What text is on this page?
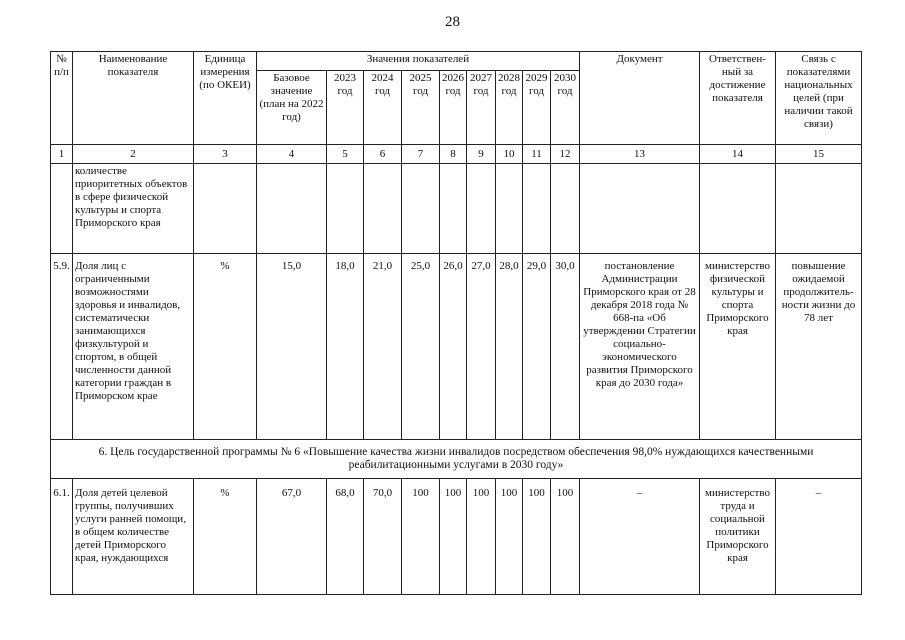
28
№ п/п	Наименование показателя	Единица измерения (по ОКЕИ)	Значения показателей									Документ	Ответствен-ный за достижение показателя	Связь с показателями национальных целей (при наличии такой связи)
			Базовое значение (план на 2022 год)	2023 год	2024 год	2025 год	2026 год	2027 год	2028 год	2029 год	2030 год			
1	2	3	4	5	6	7	8	9	10	11	12	13	14	15
	количестве приоритетных объектов в сфере физической культуры и спорта Приморского края													
5.9.	Доля лиц с ограниченными возможностями здоровья и инвалидов, систематически занимающихся физкультурой и спортом, в общей численности данной категории граждан в Приморском крае	%	15,0	18,0	21,0	25,0	26,0	27,0	28,0	29,0	30,0	постановление Администрации Приморского края от 28 декабря 2018 года № 668-па «Об утверждении Стратегии социально-экономического развития Приморского края до 2030 года»	министерство физической культуры и спорта Приморского края	повышение ожидаемой продолжитель-ности жизни до 78 лет
6. Цель государственной программы № 6 «Повышение качества жизни инвалидов посредством обеспечения 98,0% нуждающихся качественными реабилитационными услугами в 2030 году»														
6.1.	Доля детей целевой группы, получивших услуги ранней помощи, в общем количестве детей Приморского края, нуждающихся	%	67,0	68,0	70,0	100	100	100	100	100	100	–	министерство труда и социальной политики Приморского края	–
